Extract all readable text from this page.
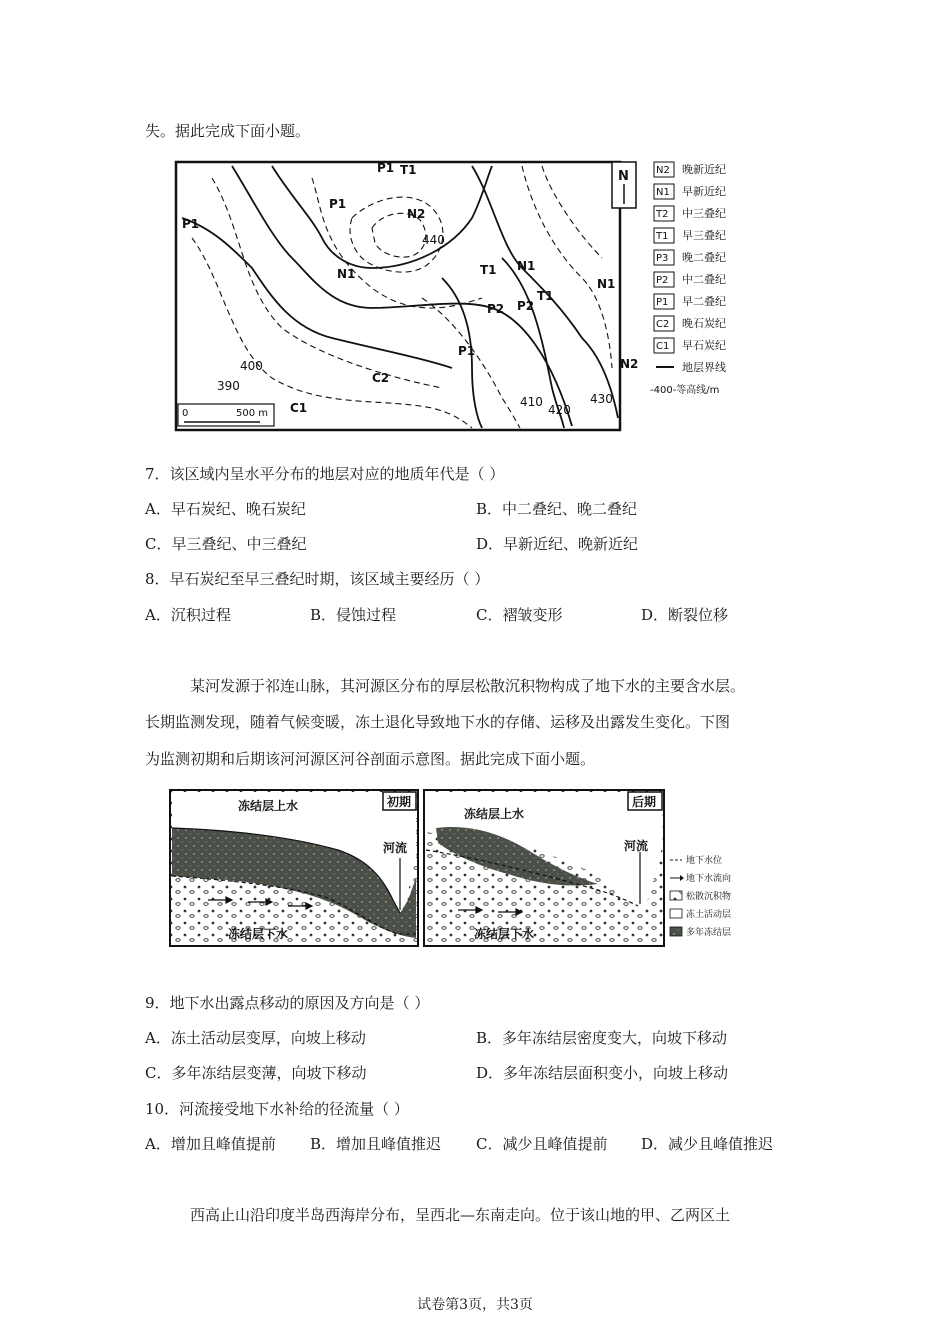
失。据此完成下面小题。
N
390
400
410
420
430
440
P1
P1
N1
N2
N1
T1
P2 P2
P1
C2
C1
T1 N1
N2
P1
T1
0	500 m
N2 晚新近纪
N1 早新近纪
T2 中三叠纪
T1 早三叠纪
P3 晚二叠纪
P2 中二叠纪
P1 早二叠纪
C2 晚石炭纪
C1 早石炭纪
地层界线
-400-等高线/m
7．该区域内呈水平分布的地层对应的地质年代是（ ）
A．早石炭纪、晚石炭纪	B．中二叠纪、晚二叠纪
C．早三叠纪、中三叠纪	D．早新近纪、晚新近纪
8．早石炭纪至早三叠纪时期，该区域主要经历（ ）
A．沉积过程	B．侵蚀过程	C．褶皱变形	D．断裂位移
某河发源于祁连山脉，其河源区分布的厚层松散沉积物构成了地下水的主要含水层。
长期监测发现，随着气候变暖，冻土退化导致地下水的存储、运移及出露发生变化。下图
为监测初期和后期该河河源区河谷剖面示意图。据此完成下面小题。
初期
冻结层上水
河流
冻结层下水
后期
冻结层上水
河流
冻结层下水
地下水位
地下水流向
松散沉积物
冻土活动层
多年冻结层
9．地下水出露点移动的原因及方向是（ ）
A．冻土活动层变厚，向坡上移动	B．多年冻结层密度变大，向坡下移动
C．多年冻结层变薄，向坡下移动	D．多年冻结层面积变小，向坡上移动
10．河流接受地下水补给的径流量（ ）
A．增加且峰值提前 B．增加且峰值推迟 C．减少且峰值提前 D．减少且峰值推迟
西高止山沿印度半岛西海岸分布，呈西北—东南走向。位于该山地的甲、乙两区土
试卷第3页，共3页
